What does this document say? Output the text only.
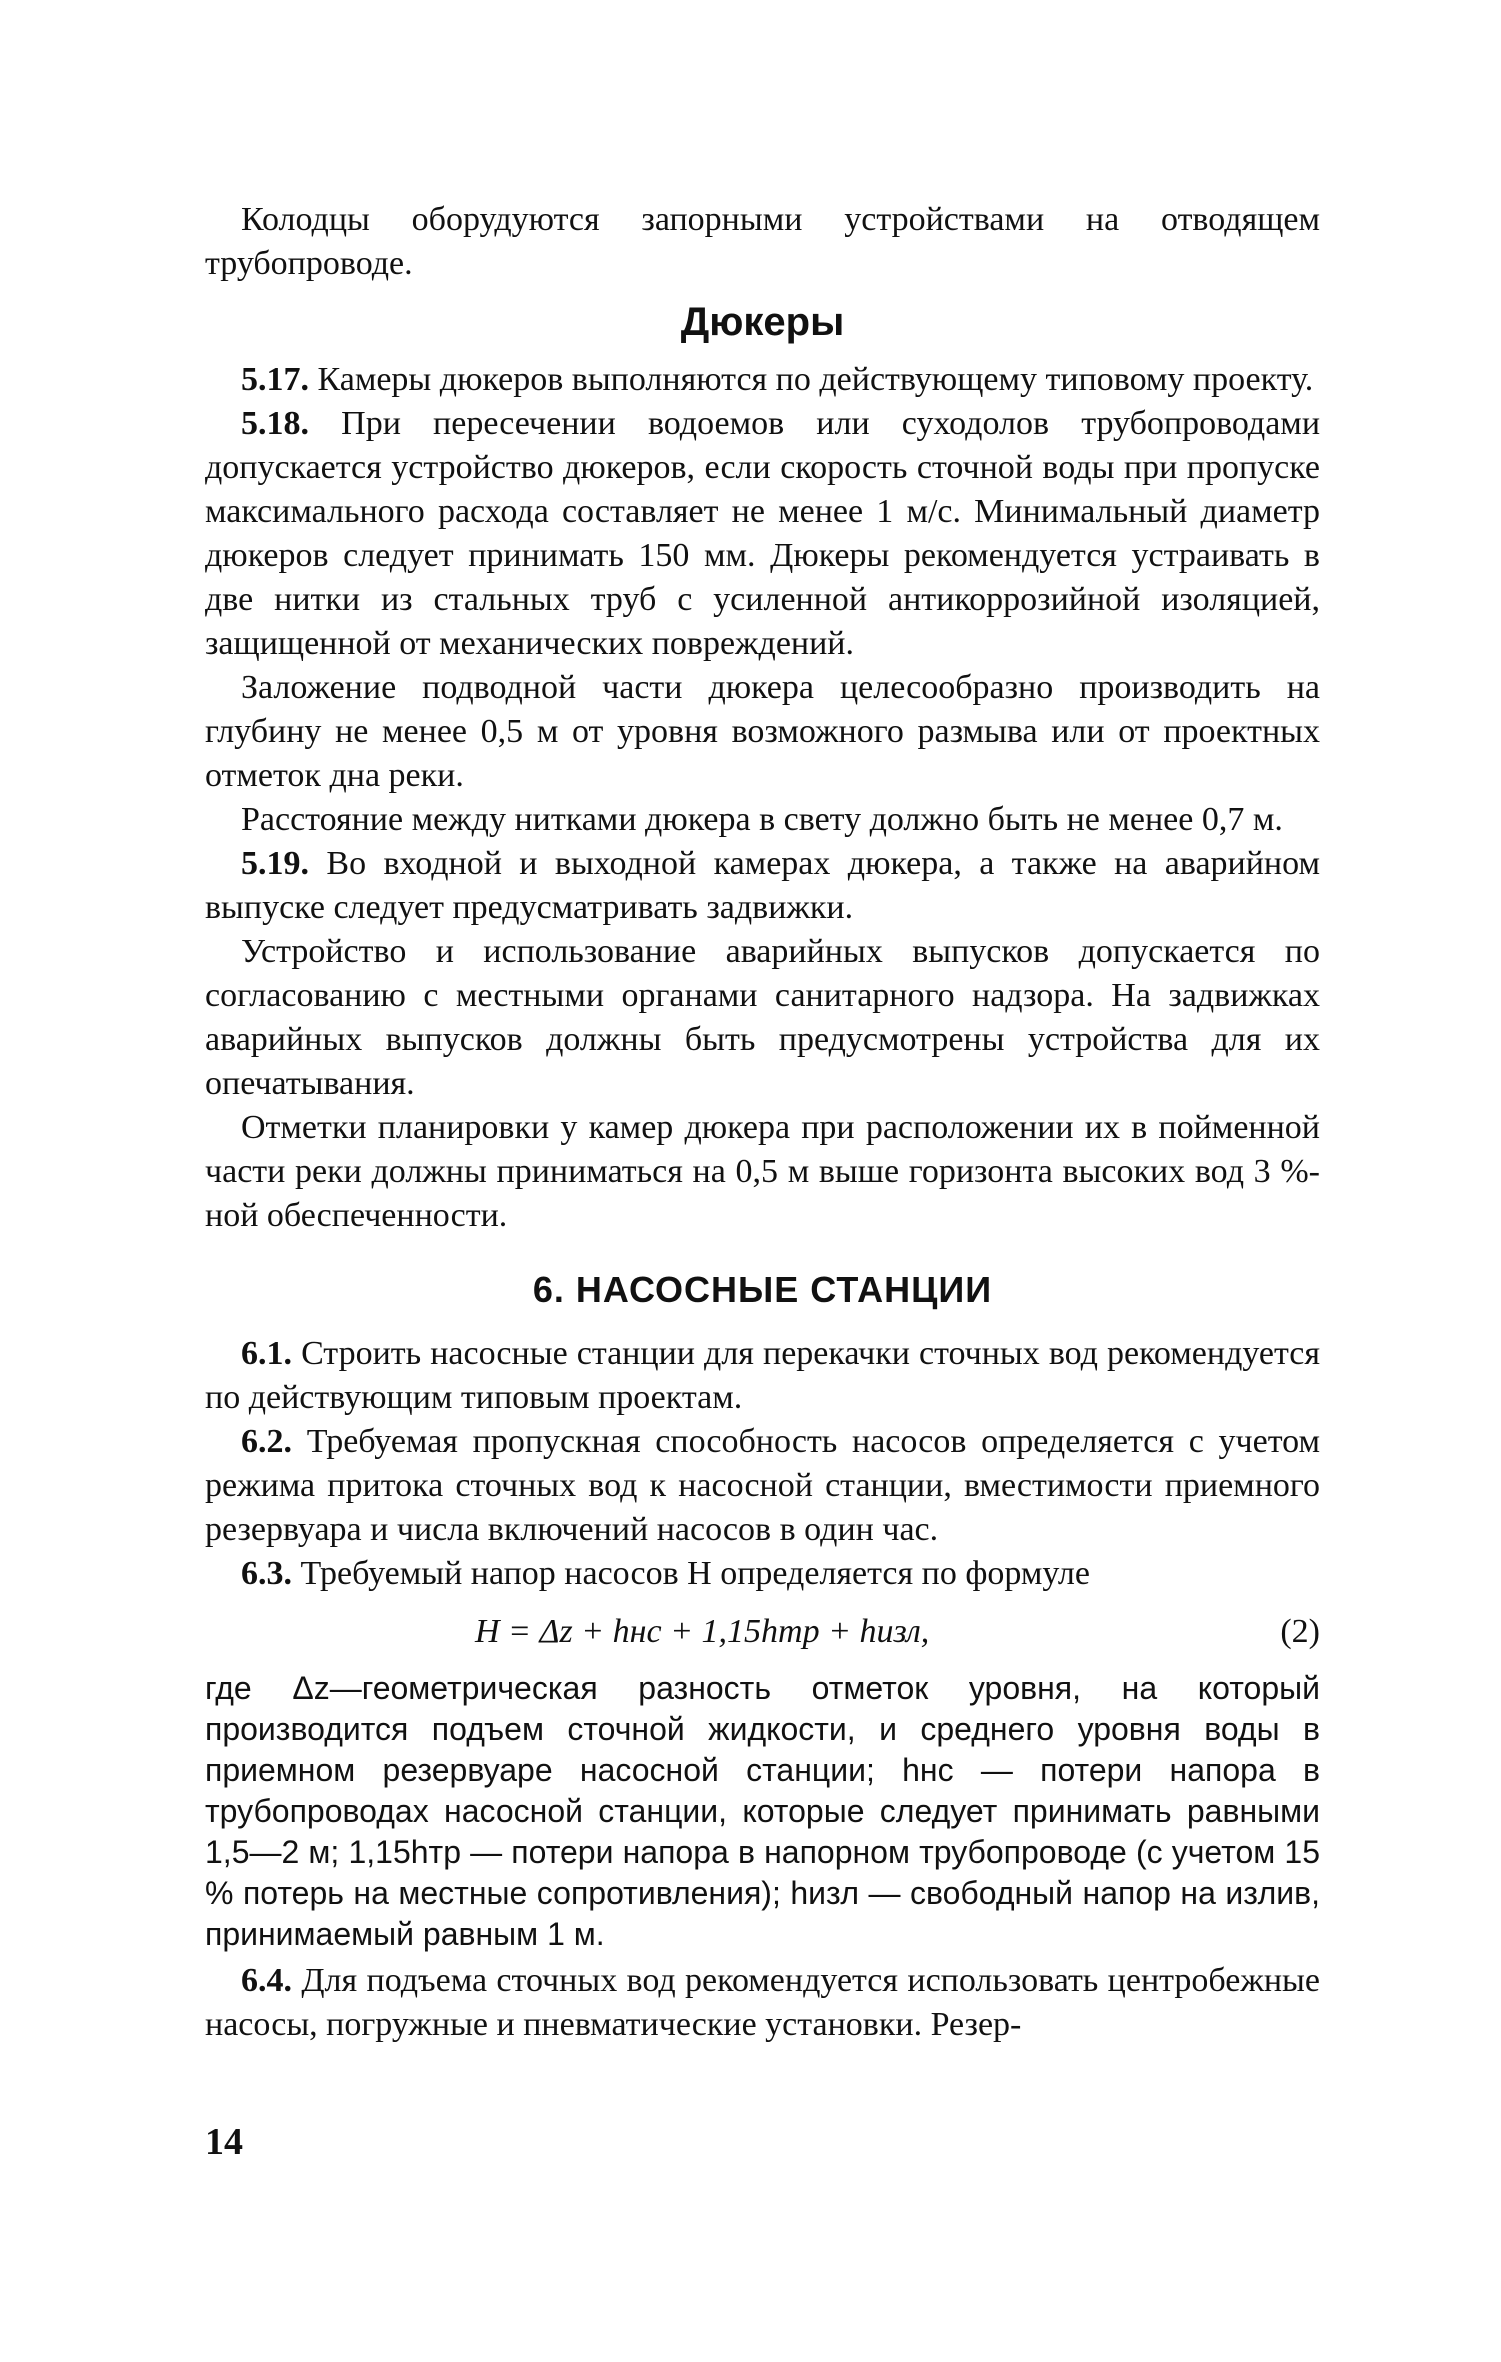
Колодцы оборудуются запорными устройствами на отводящем трубопроводе.

Дюкеры

5.17. Камеры дюкеров выполняются по действующему типовому проекту.

5.18. При пересечении водоемов или суходолов трубопроводами допускается устройство дюкеров, если скорость сточной воды при пропуске максимального расхода составляет не менее 1 м/с. Минимальный диаметр дюкеров следует принимать 150 мм. Дюкеры рекомендуется устраивать в две нитки из стальных труб с усиленной антикоррозийной изоляцией, защищенной от механических повреждений.

Заложение подводной части дюкера целесообразно производить на глубину не менее 0,5 м от уровня возможного размыва или от проектных отметок дна реки.

Расстояние между нитками дюкера в свету должно быть не менее 0,7 м.

5.19. Во входной и выходной камерах дюкера, а также на аварийном выпуске следует предусматривать задвижки.

Устройство и использование аварийных выпусков допускается по согласованию с местными органами санитарного надзора. На задвижках аварийных выпусков должны быть предусмотрены устройства для их опечатывания.

Отметки планировки у камер дюкера при расположении их в пойменной части реки должны приниматься на 0,5 м выше горизонта высоких вод 3 %-ной обеспеченности.

6. НАСОСНЫЕ СТАНЦИИ

6.1. Строить насосные станции для перекачки сточных вод рекомендуется по действующим типовым проектам.

6.2. Требуемая пропускная способность насосов определяется с учетом режима притока сточных вод к насосной станции, вместимости приемного резервуара и числа включений насосов в один час.

6.3. Требуемый напор насосов H определяется по формуле

H = Δz + hнс + 1,15hтр + hизл,	(2)

где Δz—геометрическая разность отметок уровня, на который производится подъем сточной жидкости, и среднего уровня воды в приемном резервуаре насосной станции; hнс — потери напора в трубопроводах насосной станции, которые следует принимать равными 1,5—2 м; 1,15hтр — потери напора в напорном трубопроводе (с учетом 15 % потерь на местные сопротивления); hизл — свободный напор на излив, принимаемый равным 1 м.

6.4. Для подъема сточных вод рекомендуется использовать центробежные насосы, погружные и пневматические установки. Резер-

14
